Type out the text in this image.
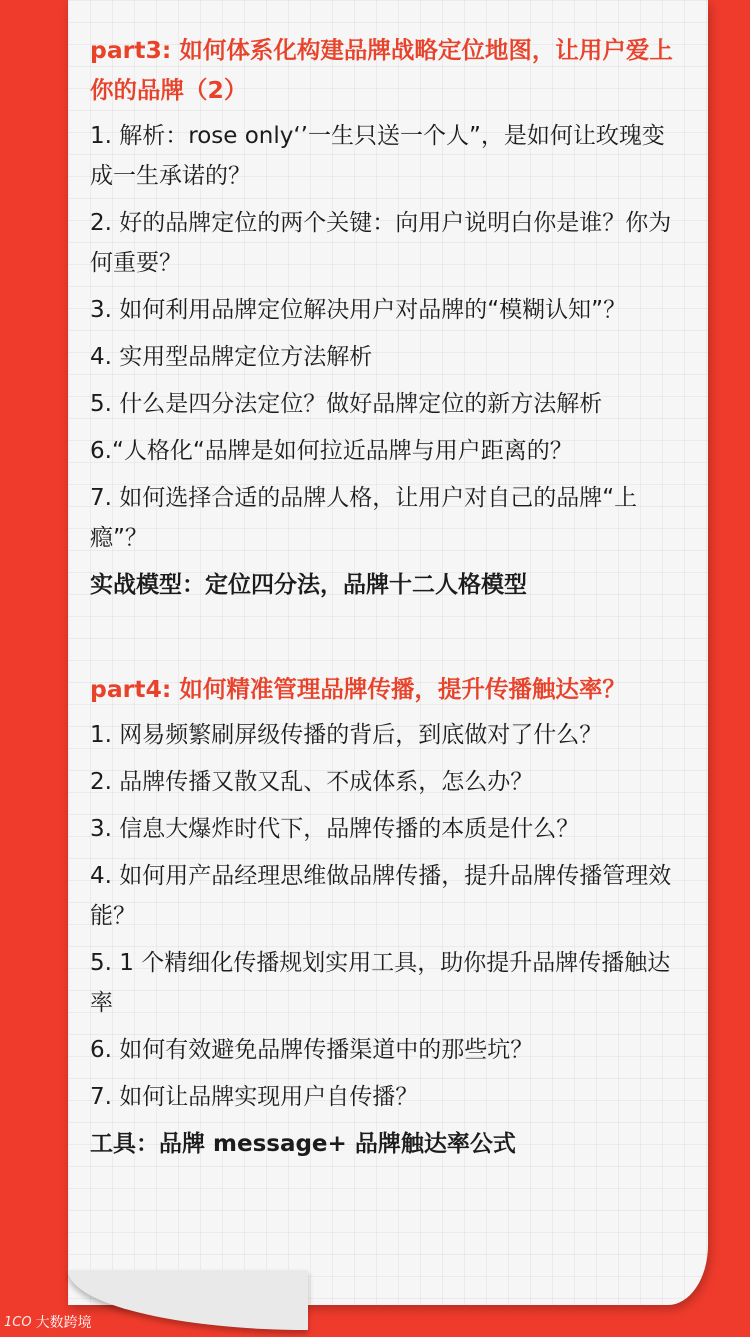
part3: 如何体系化构建品牌战略定位地图，让用户爱上你的品牌（2）
1. 解析：rose only‘’一生只送一个人”，是如何让玫瑰变成一生承诺的？
2. 好的品牌定位的两个关键：向用户说明白你是谁？你为何重要？
3. 如何利用品牌定位解决用户对品牌的“模糊认知”？
4. 实用型品牌定位方法解析
5. 什么是四分法定位？做好品牌定位的新方法解析
6.“人格化“品牌是如何拉近品牌与用户距离的？
7. 如何选择合适的品牌人格，让用户对自己的品牌“上瘾”？

实战模型：定位四分法，品牌十二人格模型

part4: 如何精准管理品牌传播，提升传播触达率？
1. 网易频繁刷屏级传播的背后，到底做对了什么？
2. 品牌传播又散又乱、不成体系，怎么办？
3. 信息大爆炸时代下，品牌传播的本质是什么？
4. 如何用产品经理思维做品牌传播，提升品牌传播管理效能？
5. 1 个精细化传播规划实用工具，助你提升品牌传播触达率
6. 如何有效避免品牌传播渠道中的那些坑？
7. 如何让品牌实现用户自传播？

工具：品牌 message+ 品牌触达率公式

1CO 大数跨境
